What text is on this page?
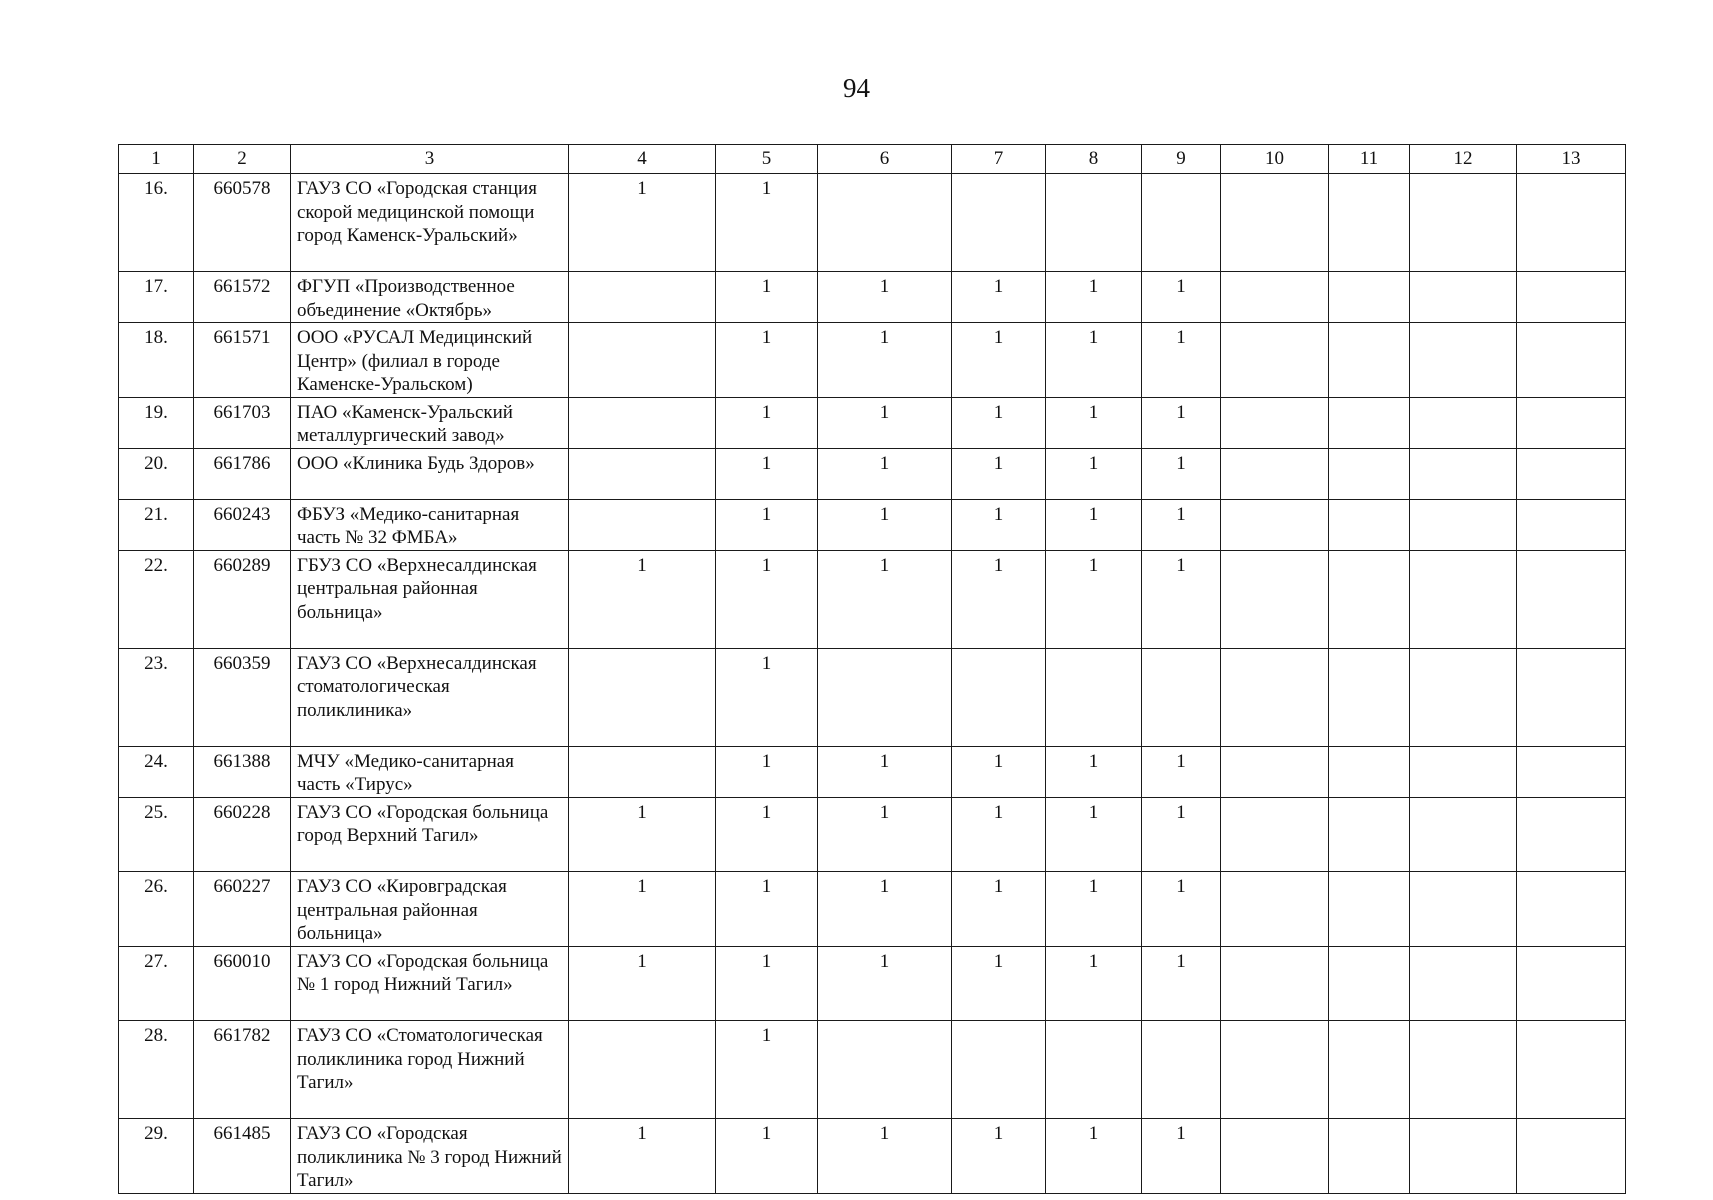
94
1	2	3	4	5	6	7	8	9	10	11	12	13
16.	660578	ГАУЗ СО «Городская станция скорой медицинской помощи город Каменск-Уральский»	1	1								
17.	661572	ФГУП «Производственное объединение «Октябрь»		1	1	1	1	1				
18.	661571	ООО «РУСАЛ Медицинский Центр» (филиал в городе Каменске-Уральском)		1	1	1	1	1				
19.	661703	ПАО «Каменск-Уральский металлургический завод»		1	1	1	1	1				
20.	661786	ООО «Клиника Будь Здоров»		1	1	1	1	1				
21.	660243	ФБУЗ «Медико-санитарная часть № 32 ФМБА»		1	1	1	1	1				
22.	660289	ГБУЗ СО «Верхнесалдинская центральная районная больница»	1	1	1	1	1	1				
23.	660359	ГАУЗ СО «Верхнесалдинская стоматологическая поликлиника»		1								
24.	661388	МЧУ «Медико-санитарная часть «Тирус»		1	1	1	1	1				
25.	660228	ГАУЗ СО «Городская больница город Верхний Тагил»	1	1	1	1	1	1				
26.	660227	ГАУЗ СО «Кировградская центральная районная больница»	1	1	1	1	1	1				
27.	660010	ГАУЗ СО «Городская больница № 1 город Нижний Тагил»	1	1	1	1	1	1				
28.	661782	ГАУЗ СО «Стоматологическая поликлиника город Нижний Тагил»		1								
29.	661485	ГАУЗ СО «Городская поликлиника № 3 город Нижний Тагил»	1	1	1	1	1	1				
